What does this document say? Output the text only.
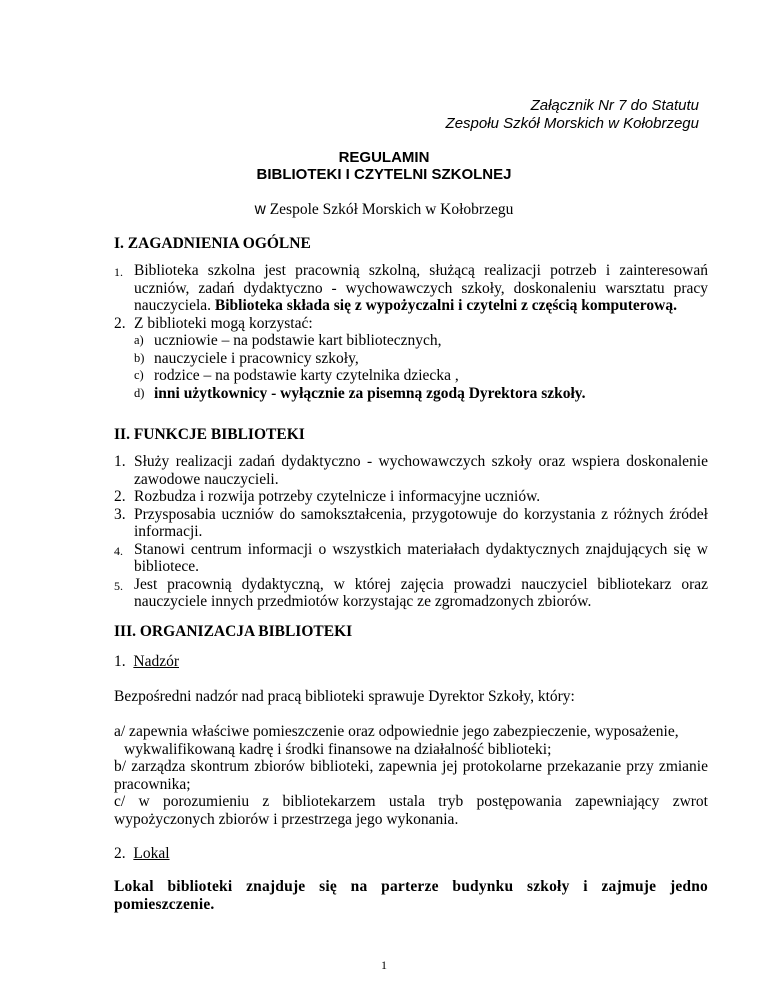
Załącznik Nr 7 do Statutu
Zespołu Szkół Morskich w Kołobrzegu
REGULAMIN
BIBLIOTEKI I CZYTELNI SZKOLNEJ
w Zespole Szkół Morskich w Kołobrzegu
I. ZAGADNIENIA OGÓLNE
1. Biblioteka szkolna jest pracownią szkolną, służącą realizacji potrzeb i zainteresowań uczniów, zadań dydaktyczno - wychowawczych szkoły, doskonaleniu warsztatu pracy nauczyciela. Biblioteka składa się z wypożyczalni i czytelni z częścią komputerową.
2. Z biblioteki mogą korzystać:
a) uczniowie – na podstawie kart bibliotecznych,
b) nauczyciele i pracownicy szkoły,
c) rodzice – na podstawie karty czytelnika dziecka ,
d) inni użytkownicy - wyłącznie za pisemną zgodą Dyrektora szkoły.
II. FUNKCJE BIBLIOTEKI
1. Służy realizacji zadań dydaktyczno - wychowawczych szkoły oraz wspiera doskonalenie zawodowe nauczycieli.
2. Rozbudza i rozwija potrzeby czytelnicze i informacyjne uczniów.
3. Przysposabia uczniów do samokształcenia, przygotowuje do korzystania z różnych źródeł informacji.
4. Stanowi centrum informacji o wszystkich materiałach dydaktycznych znajdujących się w bibliotece.
5. Jest pracownią dydaktyczną, w której zajęcia prowadzi nauczyciel bibliotekarz oraz nauczyciele innych przedmiotów korzystając ze zgromadzonych zbiorów.
III. ORGANIZACJA BIBLIOTEKI
1. Nadzór
Bezpośredni nadzór nad pracą biblioteki sprawuje Dyrektor Szkoły, który:
a/ zapewnia właściwe pomieszczenie oraz odpowiednie jego zabezpieczenie, wyposażenie,
wykwalifikowaną kadrę i środki finansowe na działalność biblioteki;
b/ zarządza skontrum zbiorów biblioteki, zapewnia jej protokolarne przekazanie przy zmianie pracownika;
c/ w porozumieniu z bibliotekarzem ustala tryb postępowania zapewniający zwrot wypożyczonych zbiorów i przestrzega jego wykonania.
2. Lokal
Lokal biblioteki znajduje się na parterze budynku szkoły i zajmuje jedno pomieszczenie.
1
